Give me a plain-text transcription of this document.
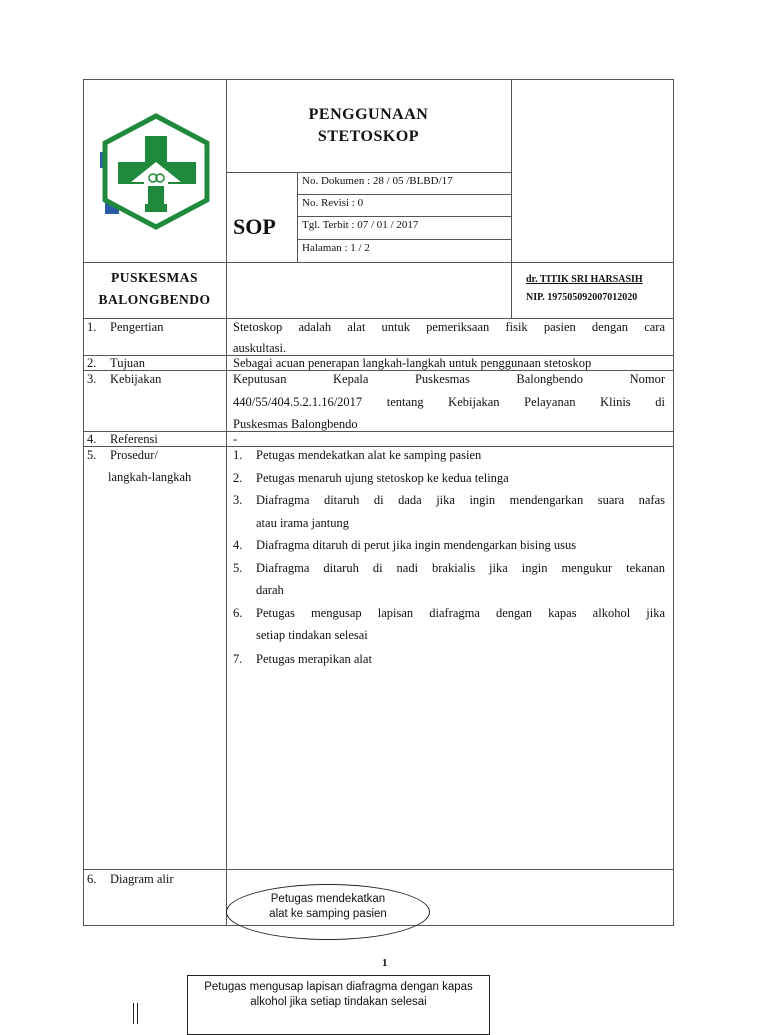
PENGGUNAAN
STETOSKOP
SOP
No. Dokumen : 28 / 05 /BLBD/17
No. Revisi : 0
Tgl. Terbit : 07 / 01 / 2017
Halaman : 1 / 2
PUSKESMAS
BALONGBENDO
dr. TITIK SRI HARSASIH
NIP. 197505092007012020
1. Pengertian	Stetoskop adalah alat untuk pemeriksaan fisik pasien dengan cara
auskultasi.
2. Tujuan	Sebagai acuan penerapan langkah-langkah untuk penggunaan stetoskop
3. Kebijakan	Keputusan Kepala Puskesmas Balongbendo Nomor
440/55/404.5.2.1.16/2017 tentang Kebijakan Pelayanan Klinis di
Puskesmas Balongbendo
4. Referensi	-
5. Prosedur/
langkah-langkah
1. Petugas mendekatkan alat ke samping pasien
2. Petugas menaruh ujung stetoskop ke kedua telinga
3. Diafragma ditaruh di dada jika ingin mendengarkan suara nafas
atau irama jantung
4. Diafragma ditaruh di perut jika ingin mendengarkan bising usus
5. Diafragma ditaruh di nadi brakialis jika ingin mengukur tekanan
darah
6. Petugas mengusap lapisan diafragma dengan kapas alkohol jika
setiap tindakan selesai
7. Petugas merapikan alat
6. Diagram alir
Petugas mendekatkan
alat ke samping pasien
1
Petugas mengusap lapisan diafragma dengan kapas
alkohol jika setiap tindakan selesai
